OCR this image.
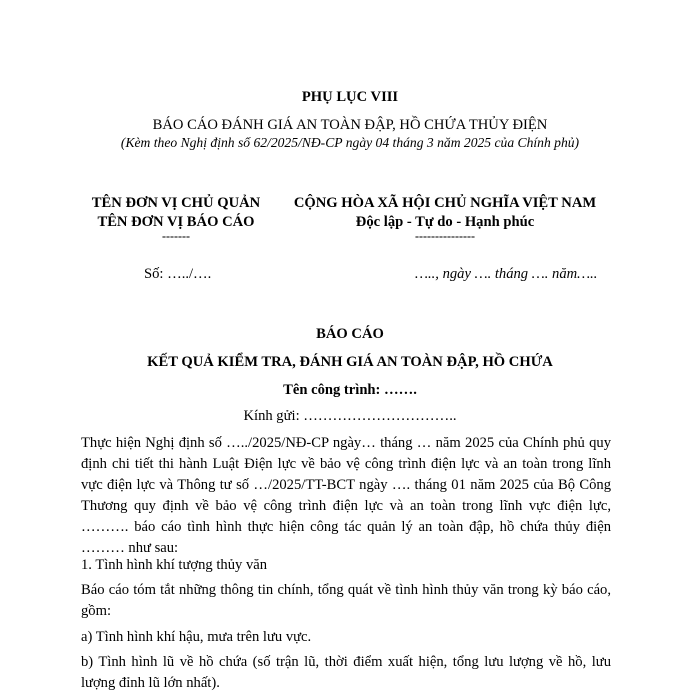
PHỤ LỤC VIII
BÁO CÁO ĐÁNH GIÁ AN TOÀN ĐẬP, HỒ CHỨA THỦY ĐIỆN
(Kèm theo Nghị định số 62/2025/NĐ-CP ngày 04 tháng 3 năm 2025 của Chính phủ)
TÊN ĐƠN VỊ CHỦ QUẢN
TÊN ĐƠN VỊ BÁO CÁO
-------
Số: …../….
CỘNG HÒA XÃ HỘI CHỦ NGHĨA VIỆT NAM
Độc lập - Tự do - Hạnh phúc
---------------
….., ngày …. tháng …. năm…..
BÁO CÁO
KẾT QUẢ KIỂM TRA, ĐÁNH GIÁ AN TOÀN ĐẬP, HỒ CHỨA
Tên công trình: …….
Kính gửi: …………………………..
Thực hiện Nghị định số …../2025/NĐ-CP ngày… tháng … năm 2025 của Chính phủ quy
định chi tiết thi hành Luật Điện lực về bảo vệ công trình điện lực và an toàn trong lĩnh
vực điện lực và Thông tư số …/2025/TT-BCT ngày …. tháng 01 năm 2025 của Bộ Công
Thương quy định về bảo vệ công trình điện lực và an toàn trong lĩnh vực điện lực,
………. báo cáo tình hình thực hiện công tác quản lý an toàn đập, hồ chứa thủy điện
……… như sau:
1. Tình hình khí tượng thủy văn
Báo cáo tóm tắt những thông tin chính, tổng quát về tình hình thủy văn trong kỳ báo cáo,
gồm:
a) Tình hình khí hậu, mưa trên lưu vực.
b) Tình hình lũ về hồ chứa (số trận lũ, thời điểm xuất hiện, tổng lưu lượng về hồ, lưu
lượng đỉnh lũ lớn nhất).
